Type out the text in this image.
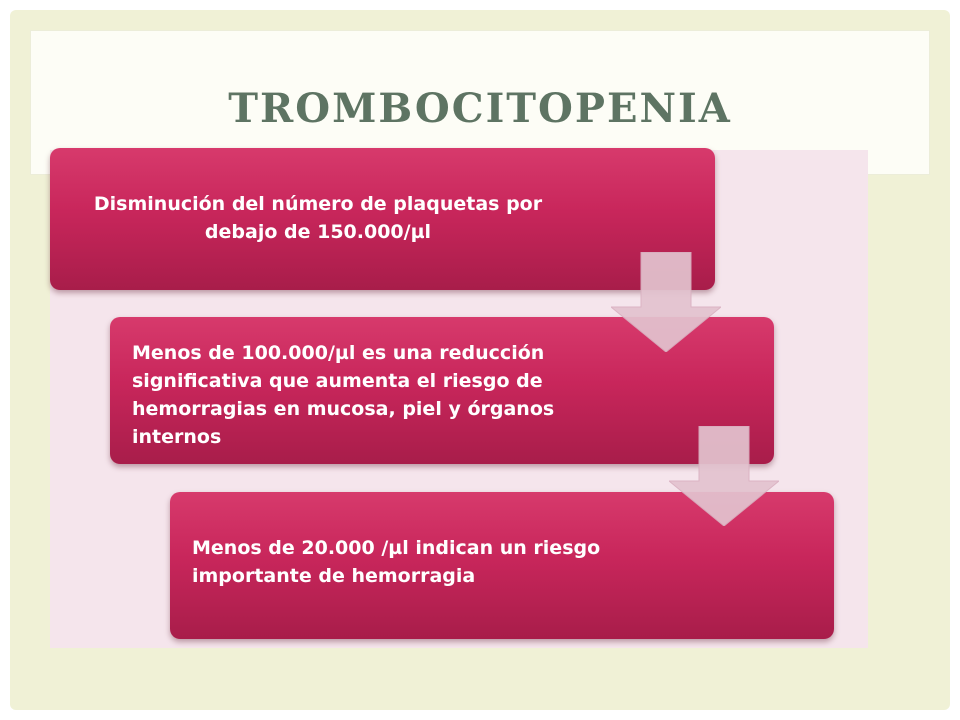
TROMBOCITOPENIA
Disminución del número de plaquetas por debajo de 150.000/µl
Menos de 100.000/µl es una reducción significativa que aumenta el riesgo de hemorragias en mucosa, piel y órganos internos
Menos de 20.000 /µl indican un riesgo importante de hemorragia
